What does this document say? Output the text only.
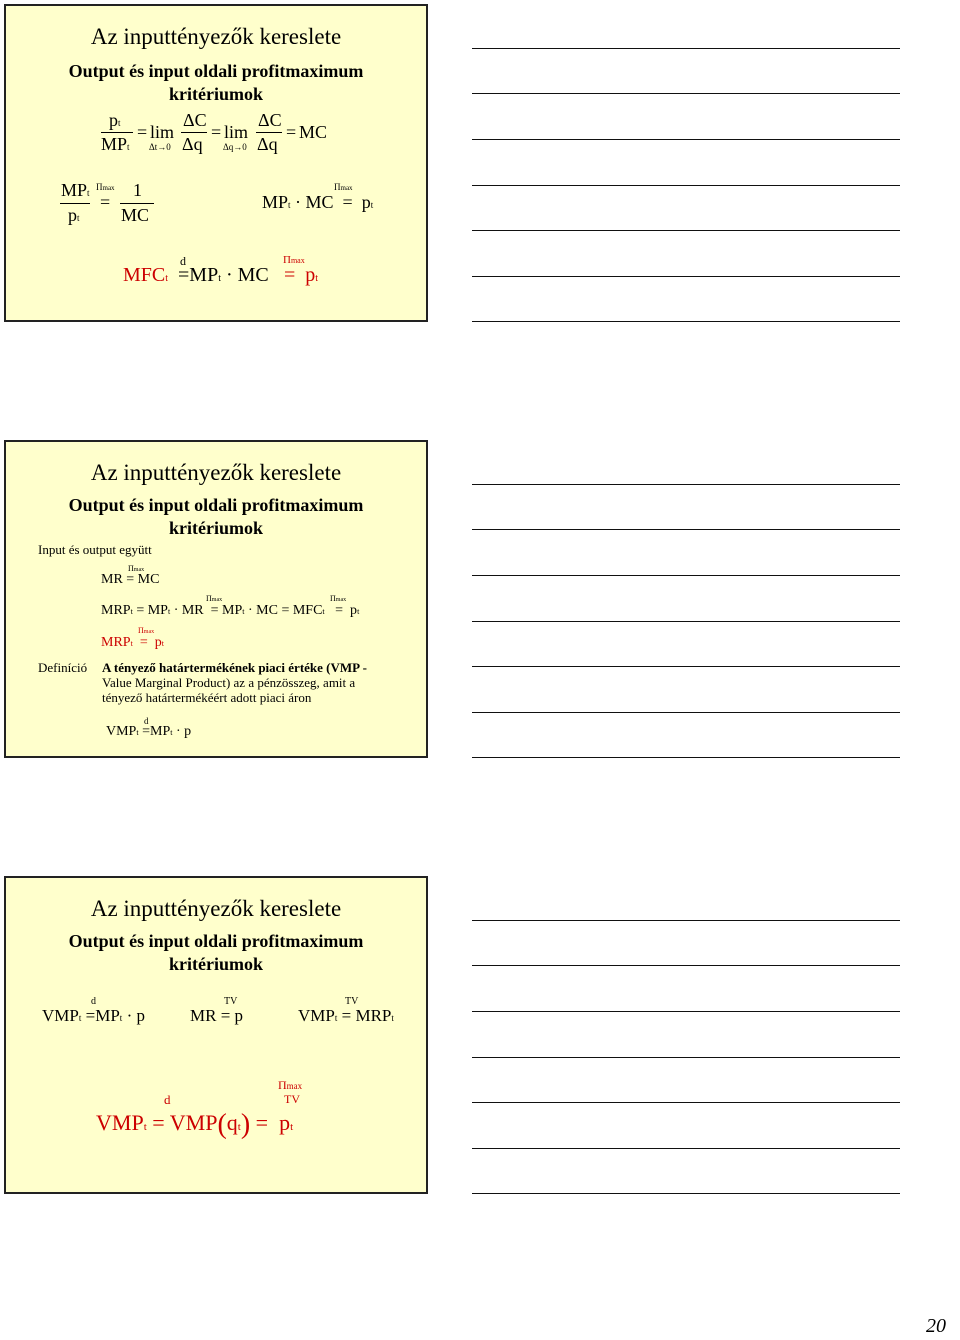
Az inputtényezők kereslete
Output és input oldali profitmaximum
kritériumok
pt
MPt
= lim
Δt→0
ΔC
Δq
= lim
Δq→0
ΔC
Δq
= MC
MPt
pt
Πmax
=
1
MC
Πmax
MPt · MC  =  pt
d	Πmax
MFCt =MPt · MC =  pt
Az inputtényezők kereslete
Output és input oldali profitmaximum
kritériumok
Input és output együtt
Πmax
MR = MC
Πmax	Πmax
MRPt = MPt · MR  = MPt · MC = MFCt   =  pt
Πmax
MRPt  =  pt
Definíció A tényező határtermékének piaci értéke (VMP -
Value Marginal Product) az a pénzösszeg, amit a
tényező határtermékéért adott piaci áron
d
VMPt =MPt · p
Az inputtényezők kereslete
Output és input oldali profitmaximum
kritériumok
d
VMPt =MPt · p
TV
MR = p
TV
VMPt = MRPt
Πmax
TV
d
VMPt = VMP(qt) =  pt
20
